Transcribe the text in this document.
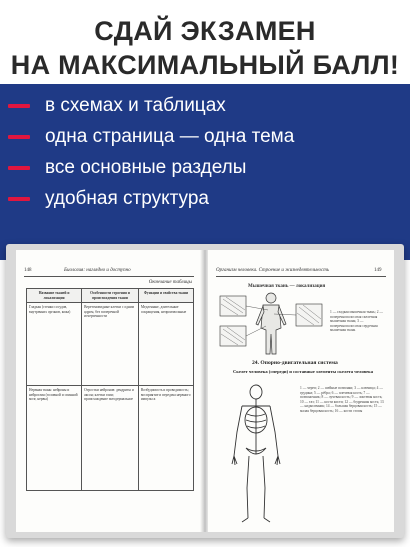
СДАЙ ЭКЗАМЕН
НА МАКСИМАЛЬНЫЙ БАЛЛ!
в схемах и таблицах
одна страница — одна тема
все основные разделы
удобная структура
148	Биология: наглядно и доступно
Окончание таблицы
Название тканей и локализация	Особенности строения и происхождения ткани	Функции и свойства ткани
Гладкая (стенки сосудов, внутренних органов, кожа)	Веретеновидные клетки с одним ядром, без поперечной исчерченности	Медленные, длительные сокращения, непроизвольные
Нервная ткань: нейроны и нейроглия (головной и спинной мозг, нервы)	Отростки нейронов: дендриты и аксон; клетки глии; происхождение эктодермальное	Возбудимость и проводимость; восприятие и передача нервного импульса
Организм человека. Строение и жизнедеятельность	149
Мышечная ткань — локализация
1 — гладкая мышечная ткань; 2 — поперечнополосатая скелетная мышечная ткань; 3 — поперечнополосатая сердечная мышечная ткань
24. Опорно-двигательная система
Скелет человека (спереди) и составные элементы скелета человека
1 — череп; 2 — шейные позвонки; 3 — ключица; 4 — грудина; 5 — рёбра; 6 — плечевая кость; 7 — позвоночник; 8 — лучевая кость; 9 — локтевая кость; 10 — таз; 11 — кости кисти; 12 — бедренная кость; 13 — надколенник; 14 — большая берцовая кость; 15 — малая берцовая кость; 16 — кости стопы
